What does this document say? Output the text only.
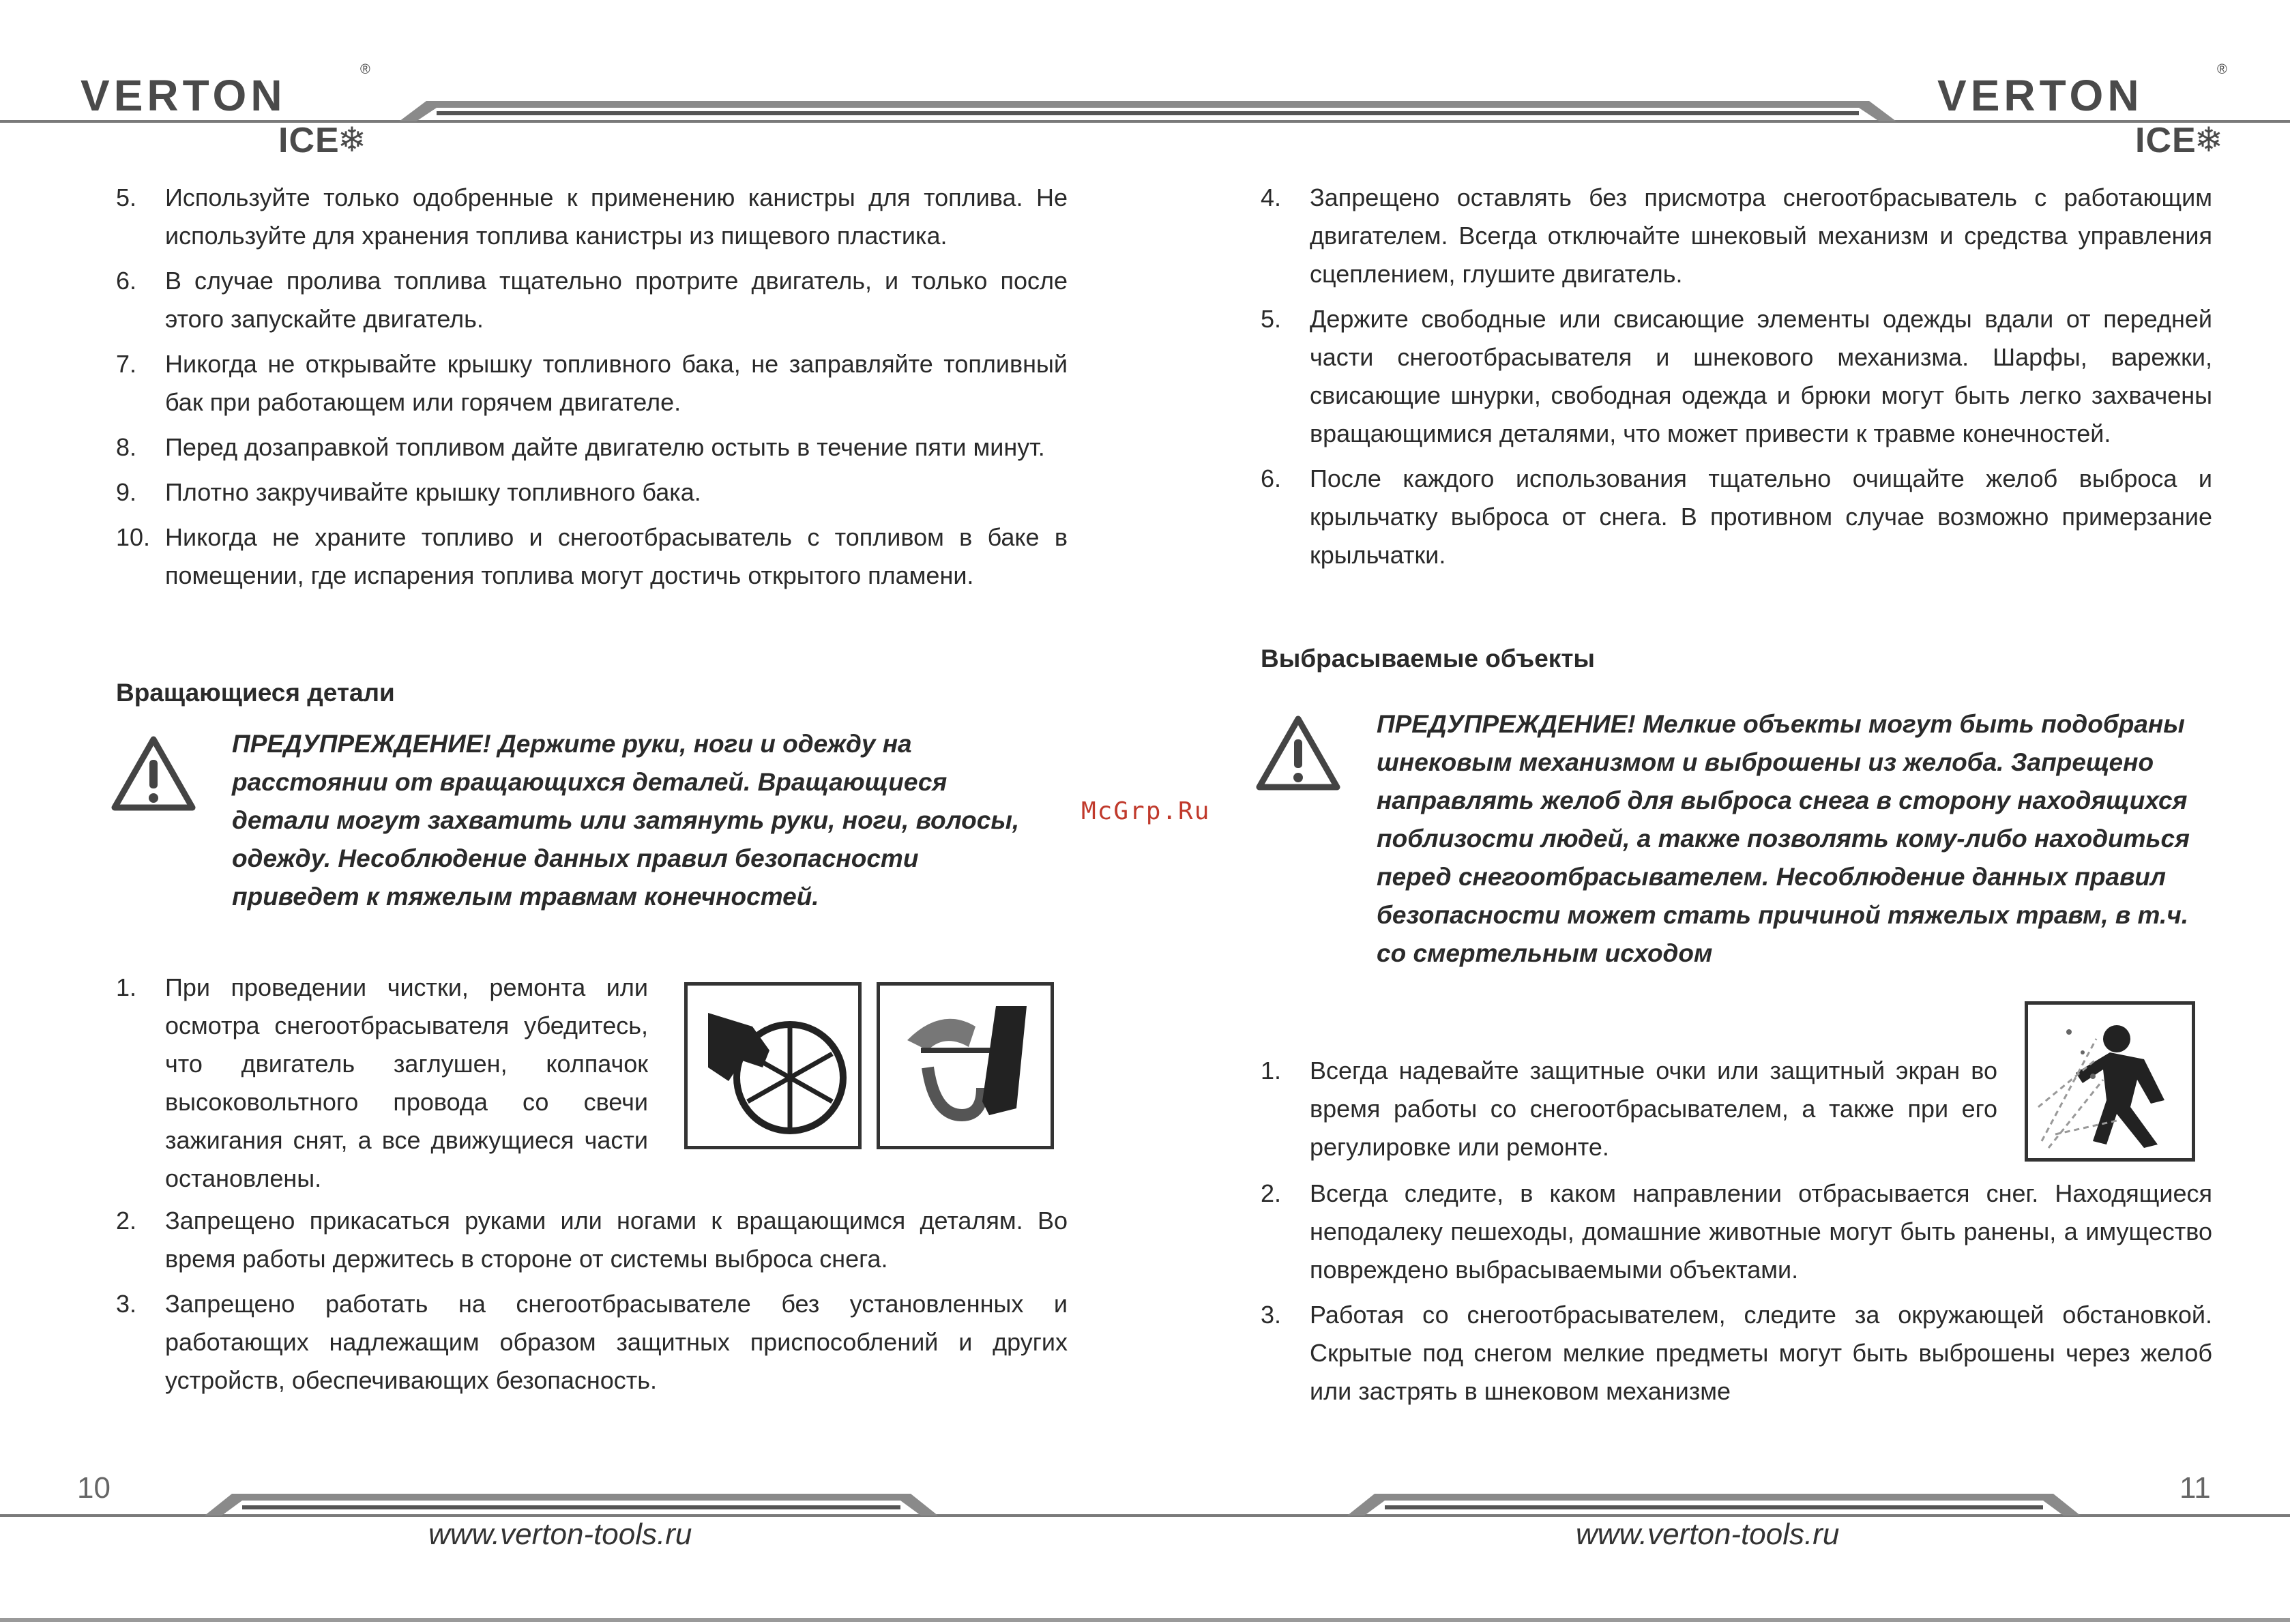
VERTON
®
ICE
❄
VERTON
®
ICE
❄
McGrp.Ru
5. Используйте только одобренные к применению канистры для топлива. Не используйте для хранения топлива канистры из пищевого пластика.
6. В случае пролива топлива тщательно протрите двигатель, и только после этого запускайте двигатель.
7. Никогда не открывайте крышку топливного бака, не заправляйте топливный бак при работающем или горячем двигателе.
8. Перед дозаправкой топливом дайте двигателю остыть в течение пяти минут.
9. Плотно закручивайте крышку топливного бака.
10. Никогда не храните топливо и снегоотбрасыватель с топливом в баке в помещении, где испарения топлива могут достичь открытого пламени.
Вращающиеся детали
ПРЕДУПРЕЖДЕНИЕ! Держите руки, ноги и одежду на расстоянии от вращающихся деталей. Вращающиеся детали могут захватить или затянуть руки, ноги, волосы, одежду. Несоблюдение данных правил безопасности приведет к тяжелым травмам конечностей.
1. При проведении чистки, ремонта или осмотра снегоотбрасывателя убедитесь, что двигатель заглушен, колпачок высоковольтного провода со свечи зажигания снят, а все движущиеся части остановлены.
2. Запрещено прикасаться руками или ногами к вращающимся деталям. Во время работы держитесь в стороне от системы выброса снега.
3. Запрещено работать на снегоотбрасывателе без установленных и работающих надлежащим образом защитных приспособлений и других устройств, обеспечивающих безопасность.
10
www.verton-tools.ru
4. Запрещено оставлять без присмотра снегоотбрасыватель с работающим двигателем. Всегда отключайте шнековый механизм и средства управления сцеплением, глушите двигатель.
5. Держите свободные или свисающие элементы одежды вдали от передней части снегоотбрасывателя и шнекового механизма. Шарфы, варежки, свисающие шнурки, свободная одежда и брюки могут быть легко захвачены вращающимися деталями, что может привести к травме конечностей.
6. После каждого использования тщательно очищайте желоб выброса и крыльчатку выброса от снега. В противном случае возможно примерзание крыльчатки.
Выбрасываемые объекты
ПРЕДУПРЕЖДЕНИЕ! Мелкие объекты могут быть подобраны шнековым механизмом и выброшены из желоба. Запрещено направлять желоб для выброса снега в сторону находящихся поблизости людей, а также позволять кому-либо находиться перед снегоотбрасывателем. Несоблюдение данных правил безопасности может стать причиной тяжелых травм, в т.ч. со смертельным исходом
1. Всегда надевайте защитные очки или защитный экран во время работы со снегоотбрасывателем, а также при его регулировке или ремонте.
2. Всегда следите, в каком направлении отбрасывается снег. Находящиеся неподалеку пешеходы, домашние животные могут быть ранены, а имущество повреждено выбрасываемыми объектами.
3. Работая со снегоотбрасывателем, следите за окружающей обстановкой. Скрытые под снегом мелкие предметы могут быть выброшены через желоб или застрять в шнековом механизме
11
www.verton-tools.ru
